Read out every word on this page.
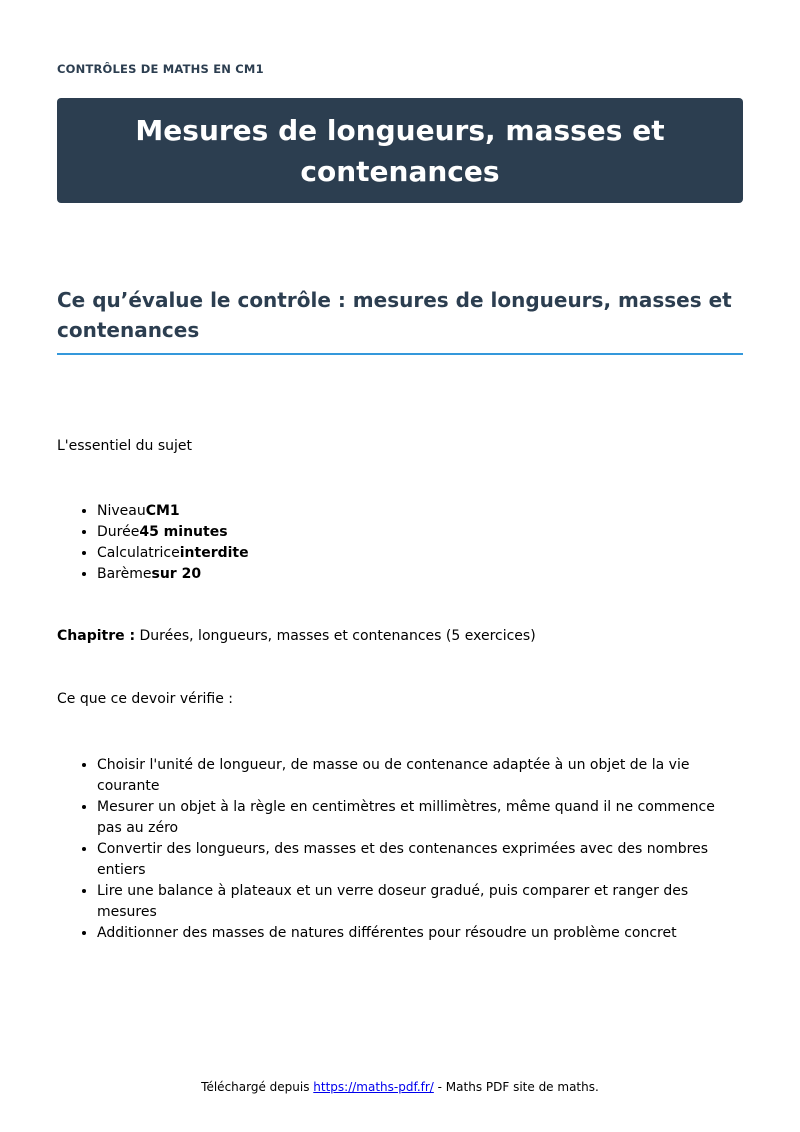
CONTRÔLES DE MATHS EN CM1
Mesures de longueurs, masses et contenances
Ce qu’évalue le contrôle : mesures de longueurs, masses et contenances

L'essentiel du sujet

• NiveauCM1
• Durée45 minutes
• Calculatriceinterdite
• Barèmesur 20

Chapitre : Durées, longueurs, masses et contenances (5 exercices)

Ce que ce devoir vérifie :

• Choisir l'unité de longueur, de masse ou de contenance adaptée à un objet de la vie courante
• Mesurer un objet à la règle en centimètres et millimètres, même quand il ne commence pas au zéro
• Convertir des longueurs, des masses et des contenances exprimées avec des nombres entiers
• Lire une balance à plateaux et un verre doseur gradué, puis comparer et ranger des mesures
• Additionner des masses de natures différentes pour résoudre un problème concret
Téléchargé depuis https://maths-pdf.fr/ - Maths PDF site de maths.
